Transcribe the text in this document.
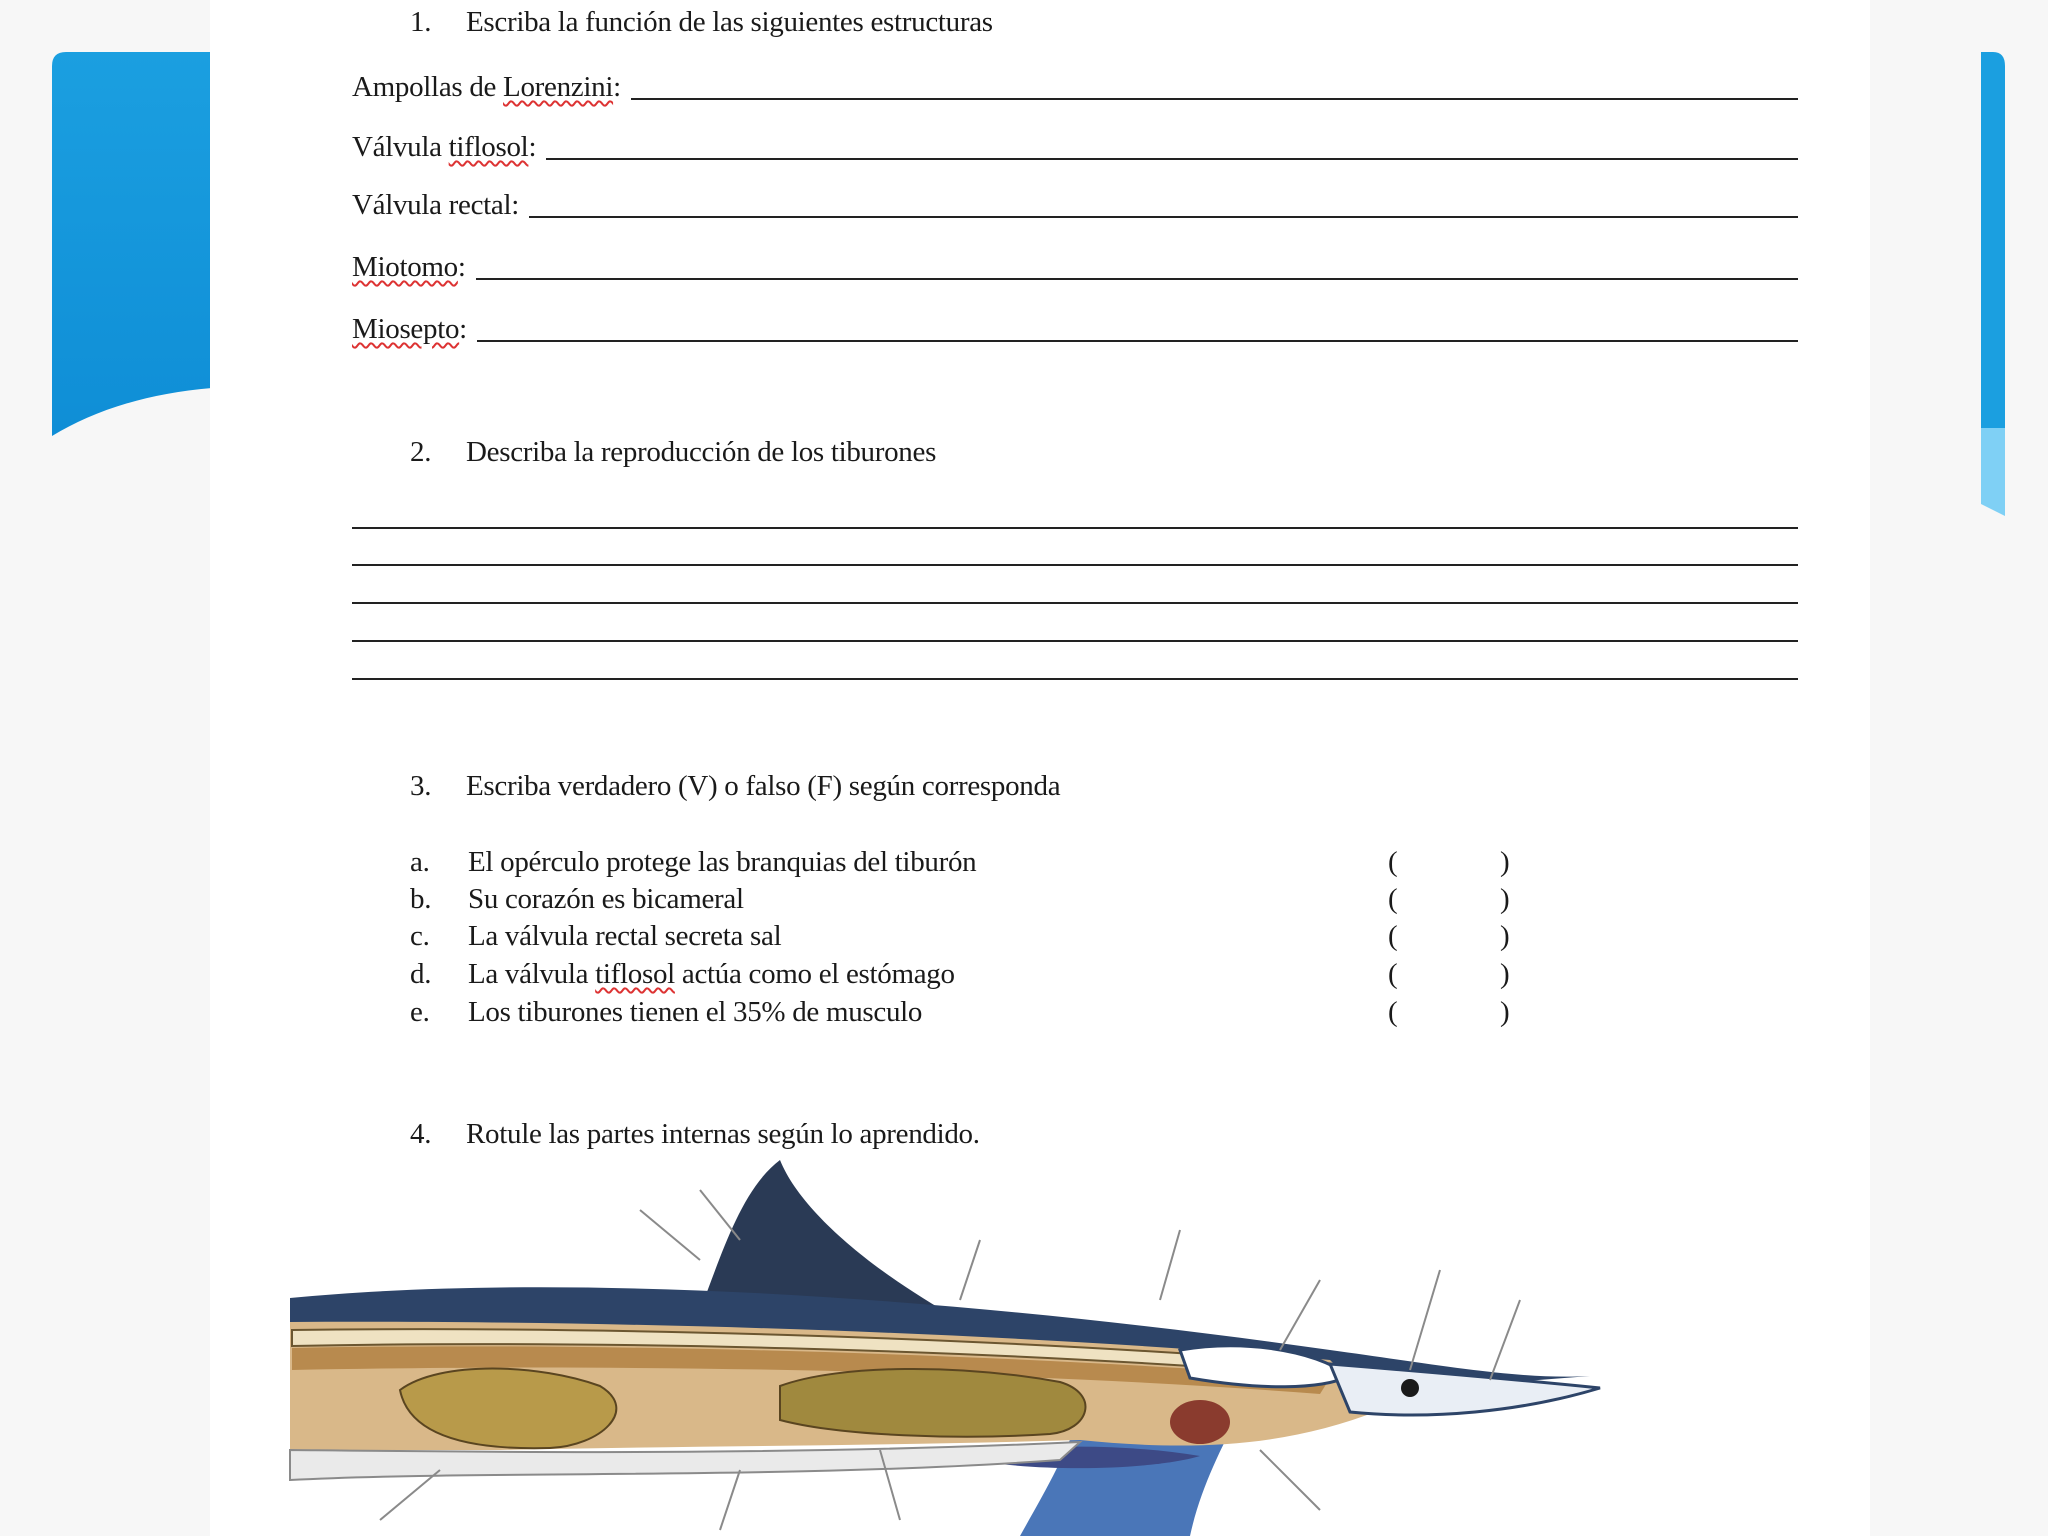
1. Escriba la función de las siguientes estructuras
Ampollas de Lorenzini:
Válvula tiflosol:
Válvula rectal:
Miotomo:
Miosepto:
2. Describa la reproducción de los tiburones
3. Escriba verdadero (V) o falso (F) según corresponda
a. El opérculo protege las branquias del tiburón	(	)
b. Su corazón es bicameral	(	)
c. La válvula rectal secreta sal	(	)
d. La válvula tiflosol actúa como el estómago	(	)
e. Los tiburones tienen el 35% de musculo	(	)
4. Rotule las partes internas según lo aprendido.
